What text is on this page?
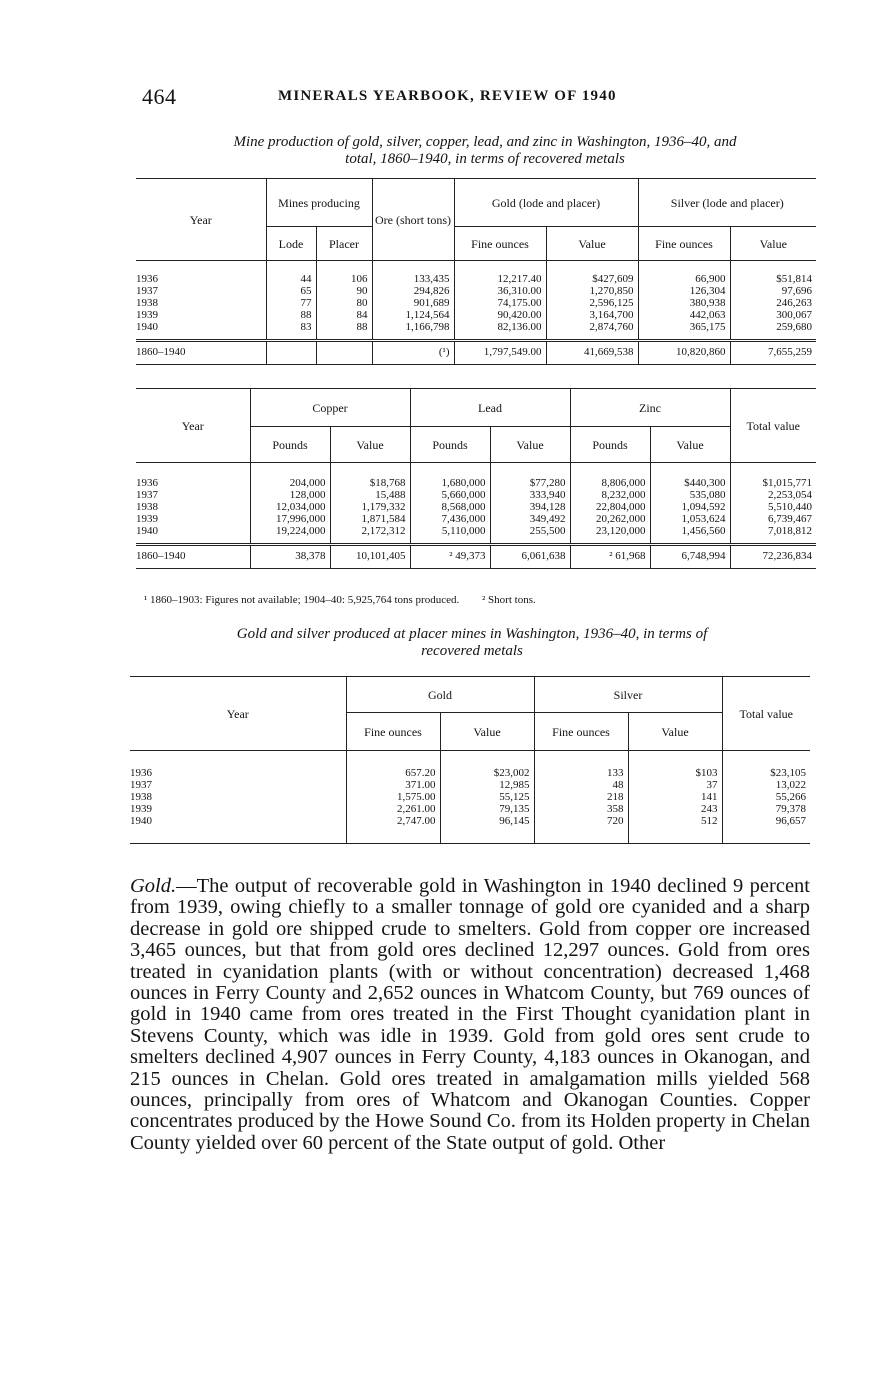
464	MINERALS YEARBOOK, REVIEW OF 1940
Mine production of gold, silver, copper, lead, and zinc in Washington, 1936–40, and
total, 1860–1940, in terms of recovered metals
Year	Mines producing		Ore (short tons)	Gold (lode and placer)		Silver (lode and placer)	
	Lode	Placer		Fine ounces	Value	Fine ounces	Value
1936	44	106	133,435	12,217.40	$427,609	66,900	$51,814
1937	65	90	294,826	36,310.00	1,270,850	126,304	97,696
1938	77	80	901,689	74,175.00	2,596,125	380,938	246,263
1939	88	84	1,124,564	90,420.00	3,164,700	442,063	300,067
1940	83	88	1,166,798	82,136.00	2,874,760	365,175	259,680
1860–1940			(¹)	1,797,549.00	41,669,538	10,820,860	7,655,259
Year	Copper		Lead		Zinc		Total value
	Pounds	Value	Pounds	Value	Pounds	Value	
1936	204,000	$18,768	1,680,000	$77,280	8,806,000	$440,300	$1,015,771
1937	128,000	15,488	5,660,000	333,940	8,232,000	535,080	2,253,054
1938	12,034,000	1,179,332	8,568,000	394,128	22,804,000	1,094,592	5,510,440
1939	17,996,000	1,871,584	7,436,000	349,492	20,262,000	1,053,624	6,739,467
1940	19,224,000	2,172,312	5,110,000	255,500	23,120,000	1,456,560	7,018,812
1860–1940	38,378	10,101,405	² 49,373	6,061,638	² 61,968	6,748,994	72,236,834
¹ 1860–1903: Figures not available; 1904–40: 5,925,764 tons produced. ² Short tons.
Gold and silver produced at placer mines in Washington, 1936–40, in terms of
recovered metals
Year	Gold		Silver		Total value
	Fine ounces	Value	Fine ounces	Value	
1936	657.20	$23,002	133	$103	$23,105
1937	371.00	12,985	48	37	13,022
1938	1,575.00	55,125	218	141	55,266
1939	2,261.00	79,135	358	243	79,378
1940	2,747.00	96,145	720	512	96,657
Gold.—The output of recoverable gold in Washington in 1940 declined 9 percent from 1939, owing chiefly to a smaller tonnage of gold ore cyanided and a sharp decrease in gold ore shipped crude to smelters. Gold from copper ore increased 3,465 ounces, but that from gold ores declined 12,297 ounces. Gold from ores treated in cyanidation plants (with or without concentration) decreased 1,468 ounces in Ferry County and 2,652 ounces in Whatcom County, but 769 ounces of gold in 1940 came from ores treated in the First Thought cyanidation plant in Stevens County, which was idle in 1939. Gold from gold ores sent crude to smelters declined 4,907 ounces in Ferry County, 4,183 ounces in Okanogan, and 215 ounces in Chelan. Gold ores treated in amalgamation mills yielded 568 ounces, principally from ores of Whatcom and Okanogan Counties. Copper concentrates produced by the Howe Sound Co. from its Holden property in Chelan County yielded over 60 percent of the State output of gold. Other
